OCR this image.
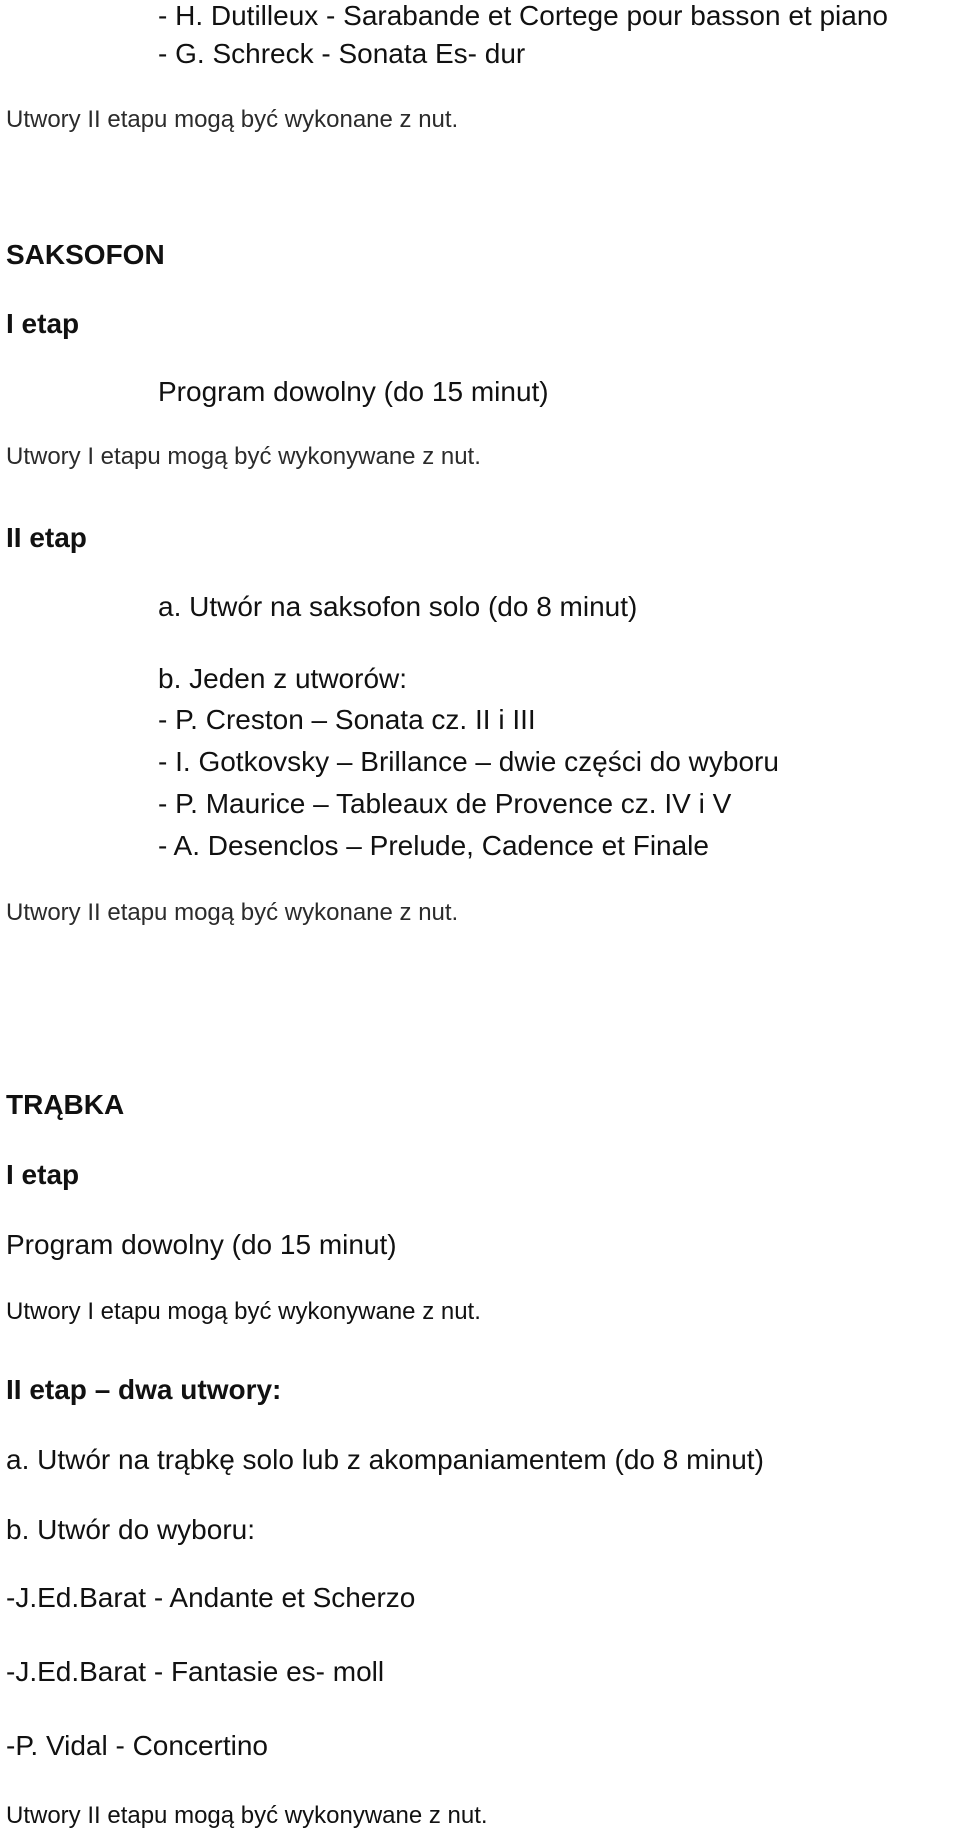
- H. Dutilleux - Sarabande et Cortege pour basson et piano
- G. Schreck - Sonata Es- dur
Utwory II etapu mogą być wykonane z nut.
SAKSOFON
I etap
Program dowolny (do 15 minut)
Utwory I etapu mogą być wykonywane z nut.
II etap
a. Utwór na saksofon solo (do 8 minut)
b. Jeden z utworów:
- P. Creston – Sonata cz. II i III
- I. Gotkovsky – Brillance – dwie części do wyboru
- P. Maurice – Tableaux de Provence cz. IV i V
- A. Desenclos – Prelude, Cadence et Finale
Utwory II etapu mogą być wykonane z nut.
TRĄBKA
I etap
Program dowolny (do 15 minut)
Utwory I etapu mogą być wykonywane z nut.
II etap – dwa utwory:
a. Utwór na trąbkę solo lub z akompaniamentem (do 8 minut)
b. Utwór do wyboru:
-J.Ed.Barat - Andante et Scherzo
-J.Ed.Barat - Fantasie es- moll
-P. Vidal - Concertino
Utwory II etapu mogą być wykonywane z nut.
